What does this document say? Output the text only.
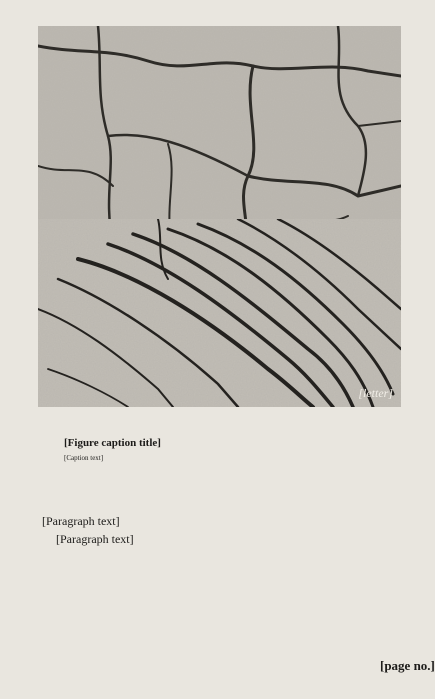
[letter]
[Figure caption title]
[Caption text]

[Paragraph text]

[Paragraph text]

[page no.]
